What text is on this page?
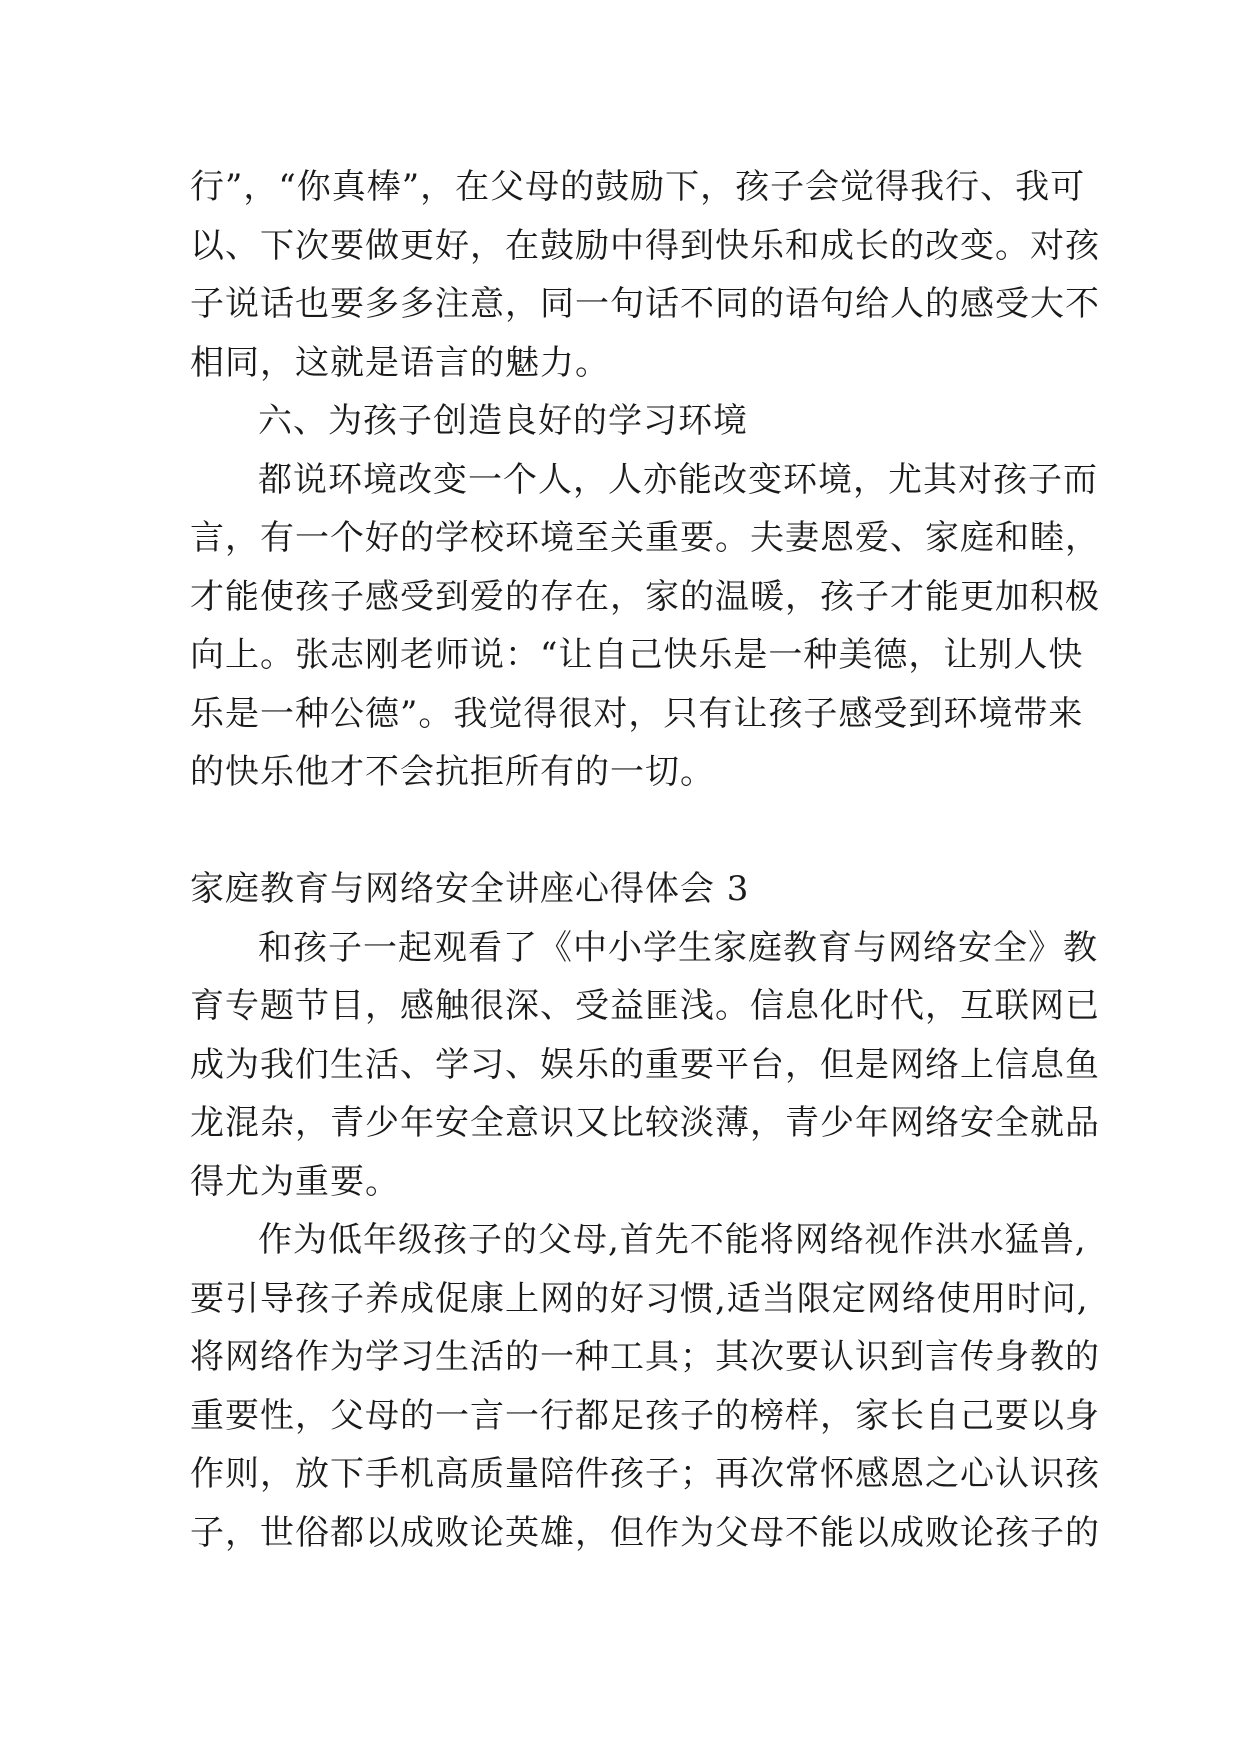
行”，“你真棒”，在父母的鼓励下，孩子会觉得我行、我可
以、下次要做更好，在鼓励中得到快乐和成长的改变。对孩
子说话也要多多注意，同一句话不同的语句给人的感受大不
相同，这就是语言的魅力。
六、为孩子创造良好的学习环境
都说环境改变一个人，人亦能改变环境，尤其对孩子而
言，有一个好的学校环境至关重要。夫妻恩爱、家庭和睦，
才能使孩子感受到爱的存在，家的温暖，孩子才能更加积极
向上。张志刚老师说：“让自己快乐是一种美德，让别人快
乐是一种公德”。我觉得很对，只有让孩子感受到环境带来
的快乐他才不会抗拒所有的一切。
家庭教育与网络安全讲座心得体会 3
和孩子一起观看了《中小学生家庭教育与网络安全》教
育专题节目，感触很深、受益匪浅。信息化时代，互联网已
成为我们生活、学习、娱乐的重要平台，但是网络上信息鱼
龙混杂，青少年安全意识又比较淡薄，青少年网络安全就品
得尤为重要。
作为低年级孩子的父母,首先不能将网络视作洪水猛兽,
要引导孩子养成促康上网的好习惯,适当限定网络使用时问,
将网络作为学习生活的一种工具；其次要认识到言传身教的
重要性，父母的一言一行都足孩子的榜样，家长自己要以身
作则，放下手机高质量陪件孩子；再次常怀感恩之心认识孩
子，世俗都以成败论英雄，但作为父母不能以成败论孩子的
